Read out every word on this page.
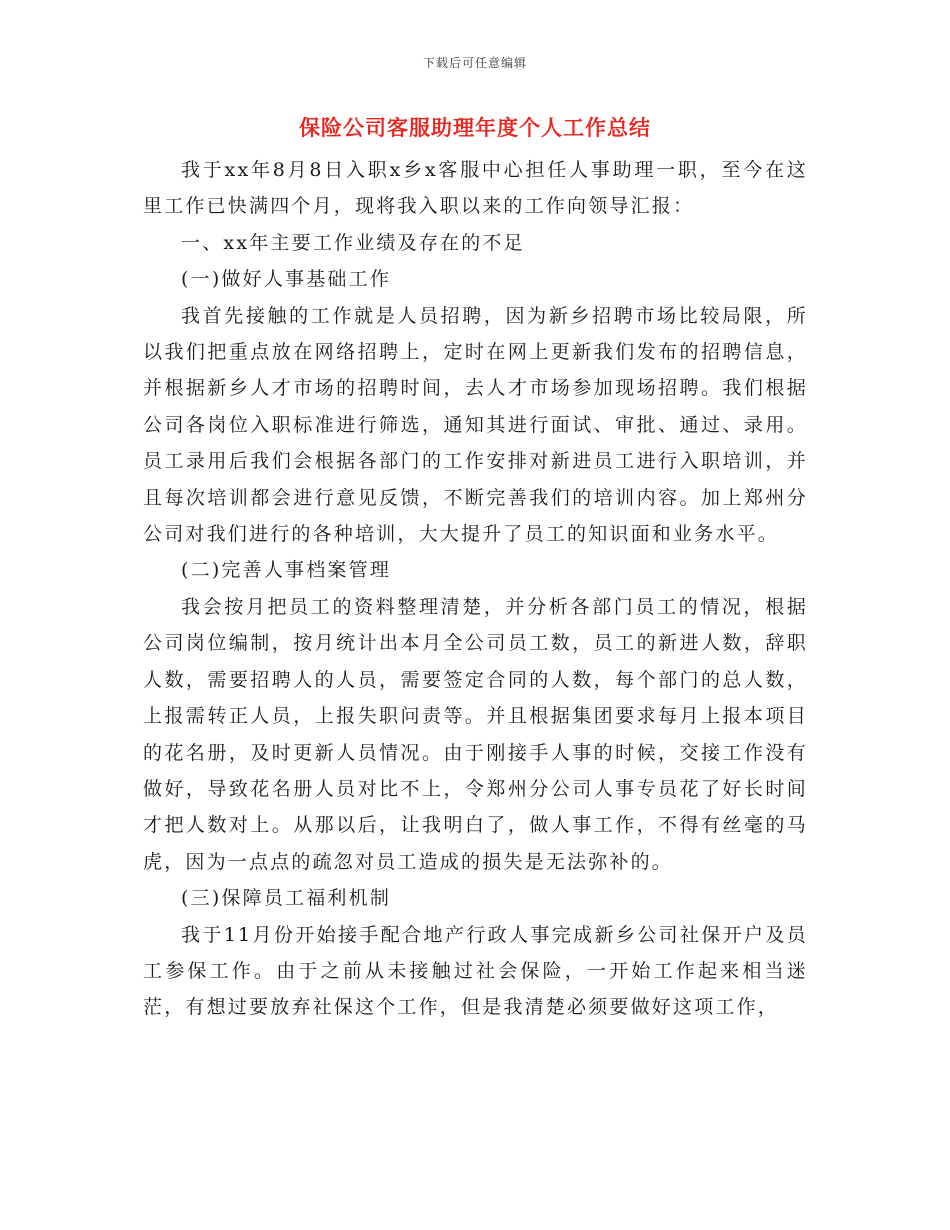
下载后可任意编辑
保险公司客服助理年度个人工作总结

我于xx年8月8日入职x乡x客服中心担任人事助理一职，至今在这里工作已快满四个月，现将我入职以来的工作向领导汇报：

一、xx年主要工作业绩及存在的不足

(一)做好人事基础工作

我首先接触的工作就是人员招聘，因为新乡招聘市场比较局限，所以我们把重点放在网络招聘上，定时在网上更新我们发布的招聘信息，并根据新乡人才市场的招聘时间，去人才市场参加现场招聘。我们根据公司各岗位入职标准进行筛选，通知其进行面试、审批、通过、录用。员工录用后我们会根据各部门的工作安排对新进员工进行入职培训，并且每次培训都会进行意见反馈，不断完善我们的培训内容。加上郑州分公司对我们进行的各种培训，大大提升了员工的知识面和业务水平。

(二)完善人事档案管理

我会按月把员工的资料整理清楚，并分析各部门员工的情况，根据公司岗位编制，按月统计出本月全公司员工数，员工的新进人数，辞职人数，需要招聘人的人员，需要签定合同的人数，每个部门的总人数，上报需转正人员，上报失职问责等。并且根据集团要求每月上报本项目的花名册，及时更新人员情况。由于刚接手人事的时候，交接工作没有做好，导致花名册人员对比不上，令郑州分公司人事专员花了好长时间才把人数对上。从那以后，让我明白了，做人事工作，不得有丝毫的马虎，因为一点点的疏忽对员工造成的损失是无法弥补的。

(三)保障员工福利机制

我于11月份开始接手配合地产行政人事完成新乡公司社保开户及员工参保工作。由于之前从未接触过社会保险，一开始工作起来相当迷茫，有想过要放弃社保这个工作，但是我清楚必须要做好这项工作，
